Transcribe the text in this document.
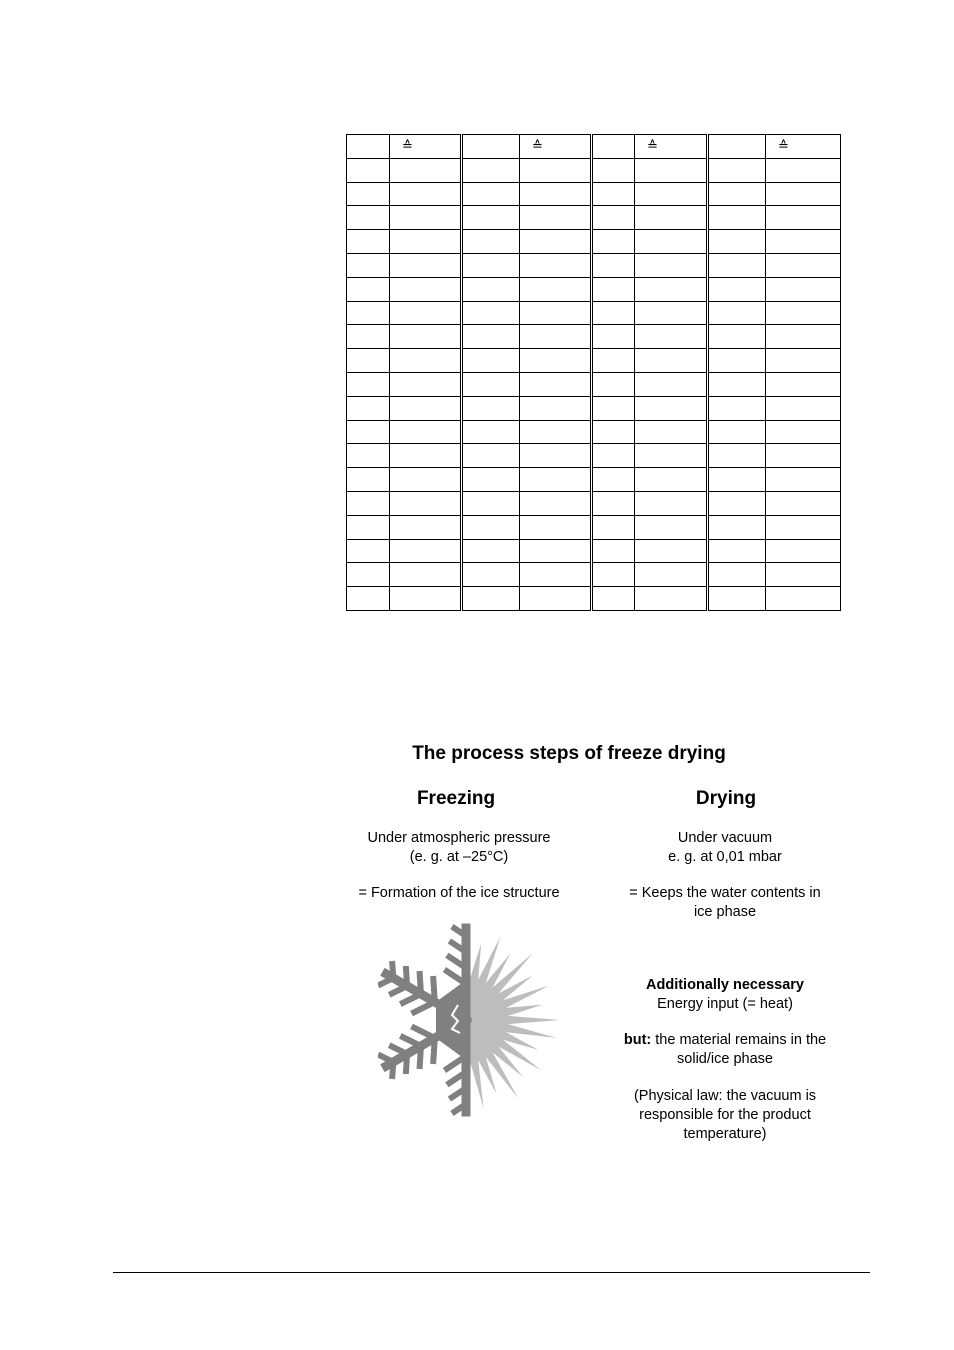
	≙		≙		≙		≙

The process steps of freeze drying
Freezing	Drying
Under atmospheric pressure
(e. g. at –25°C)
= Formation of the ice structure
Under vacuum
e. g. at 0,01 mbar
= Keeps the water contents in
ice phase
Additionally necessary
Energy input (= heat)
but: the material remains in the
solid/ice phase
(Physical law: the vacuum is
responsible for the product
temperature)
